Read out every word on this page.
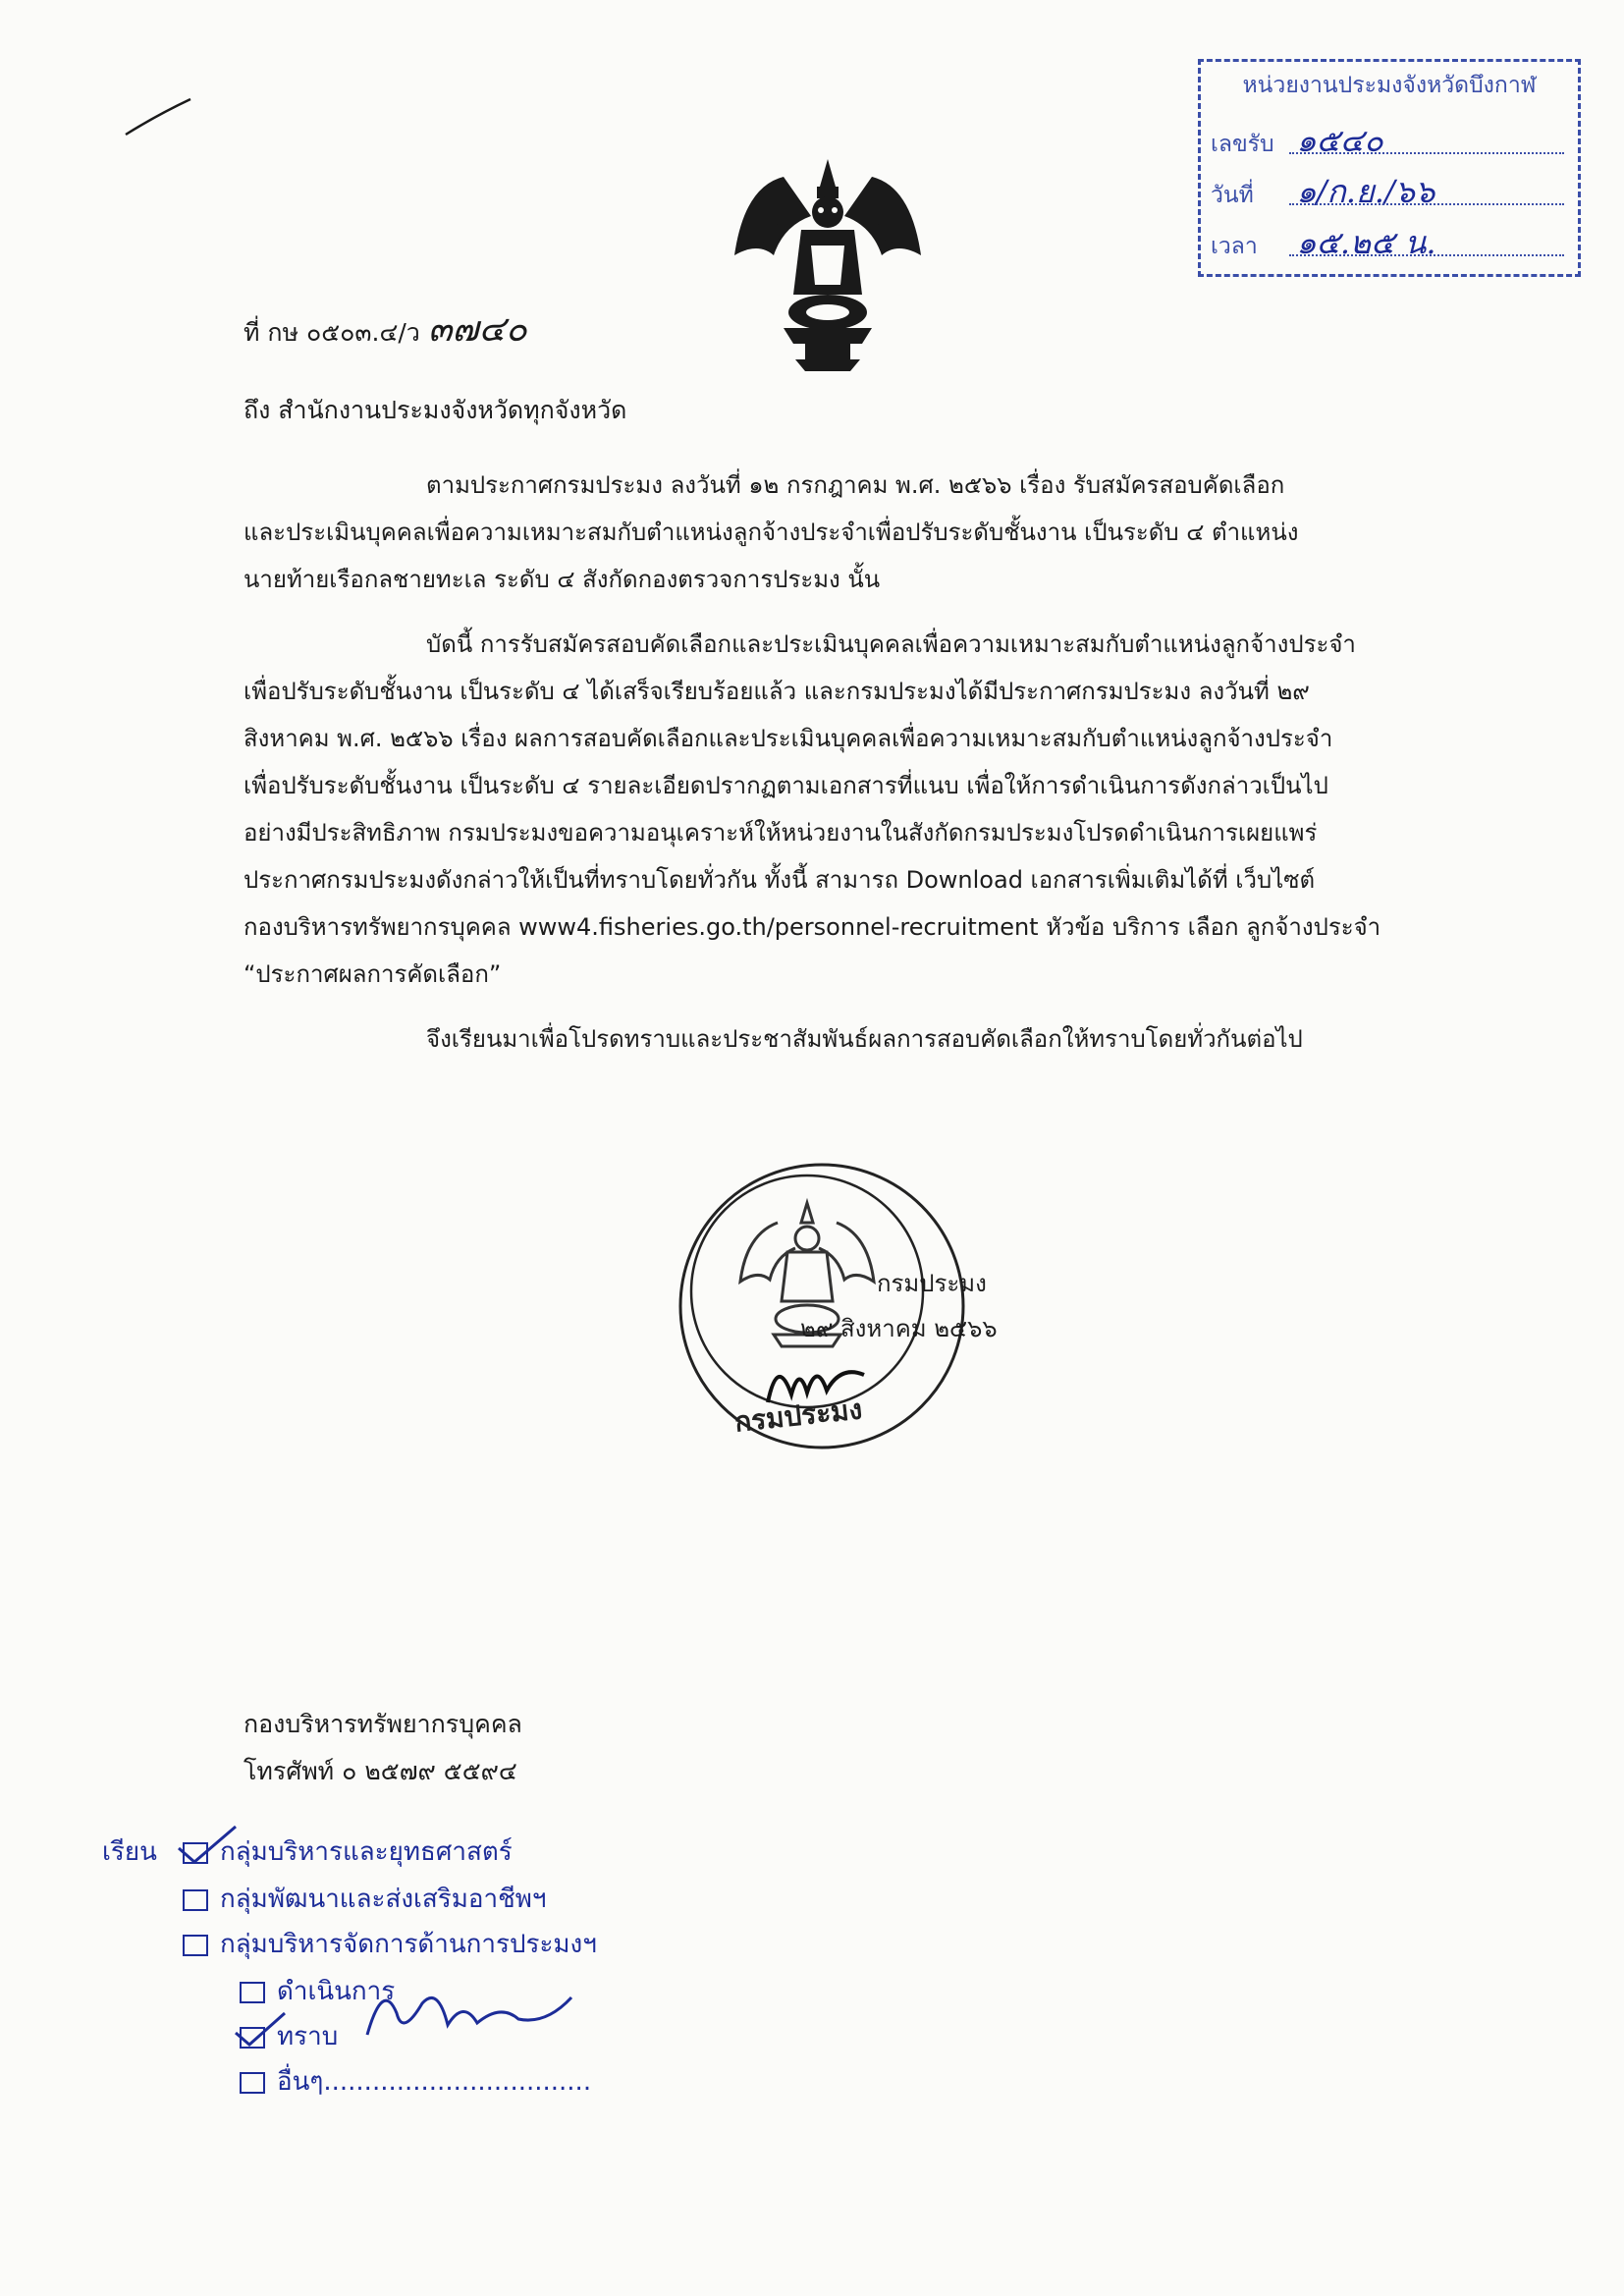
หน่วยงานประมงจังหวัดบึงกาฬ
เลขรับ ๑๕๔๐
วันที่ ๑/ก.ย./๖๖
เวลา ๑๕.๒๕ น.
ที่ กษ ๐๕๐๓.๔/ว ๓๗๔๐
ถึง สำนักงานประมงจังหวัดทุกจังหวัด
ตามประกาศกรมประมง ลงวันที่ ๑๒ กรกฎาคม พ.ศ. ๒๕๖๖ เรื่อง รับสมัครสอบคัดเลือก
และประเมินบุคคลเพื่อความเหมาะสมกับตำแหน่งลูกจ้างประจำเพื่อปรับระดับชั้นงาน เป็นระดับ ๔ ตำแหน่ง
นายท้ายเรือกลชายทะเล ระดับ ๔ สังกัดกองตรวจการประมง นั้น
บัดนี้ การรับสมัครสอบคัดเลือกและประเมินบุคคลเพื่อความเหมาะสมกับตำแหน่งลูกจ้างประจำ
เพื่อปรับระดับชั้นงาน เป็นระดับ ๔ ได้เสร็จเรียบร้อยแล้ว และกรมประมงได้มีประกาศกรมประมง ลงวันที่ ๒๙
สิงหาคม พ.ศ. ๒๕๖๖ เรื่อง ผลการสอบคัดเลือกและประเมินบุคคลเพื่อความเหมาะสมกับตำแหน่งลูกจ้างประจำ
เพื่อปรับระดับชั้นงาน เป็นระดับ ๔ รายละเอียดปรากฏตามเอกสารที่แนบ เพื่อให้การดำเนินการดังกล่าวเป็นไป
อย่างมีประสิทธิภาพ กรมประมงขอความอนุเคราะห์ให้หน่วยงานในสังกัดกรมประมงโปรดดำเนินการเผยแพร่
ประกาศกรมประมงดังกล่าวให้เป็นที่ทราบโดยทั่วกัน ทั้งนี้ สามารถ Download เอกสารเพิ่มเติมได้ที่ เว็บไซต์
กองบริหารทรัพยากรบุคคล www4.fisheries.go.th/personnel-recruitment หัวข้อ บริการ เลือก ลูกจ้างประจำ
“ประกาศผลการคัดเลือก”
จึงเรียนมาเพื่อโปรดทราบและประชาสัมพันธ์ผลการสอบคัดเลือกให้ทราบโดยทั่วกันต่อไป
กรมประมง
๒๙ สิงหาคม ๒๕๖๖
กรมประมง
กองบริหารทรัพยากรบุคคล
โทรศัพท์ ๐ ๒๕๗๙ ๕๕๙๔
เรียน	กลุ่มบริหารและยุทธศาสตร์
กลุ่มพัฒนาและส่งเสริมอาชีพฯ
กลุ่มบริหารจัดการด้านการประมงฯ
ดำเนินการ
ทราบ
อื่นๆ.................................
